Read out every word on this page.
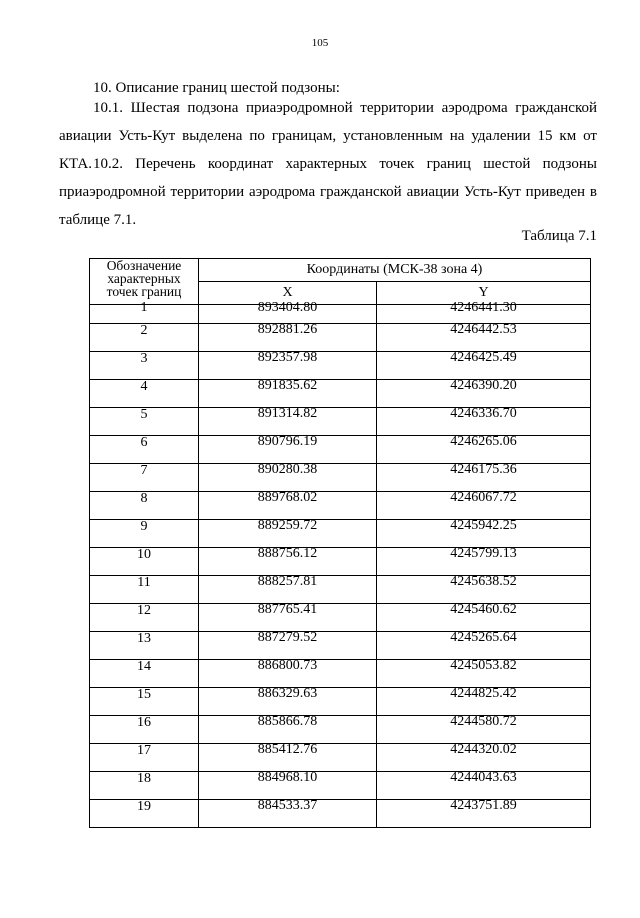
105
10. Описание границ шестой подзоны:
10.1. Шестая подзона приаэродромной территории аэродрома гражданской авиации Усть-Кут выделена по границам, установленным на удалении 15 км от КТА. 10.2. Перечень координат характерных точек границ шестой подзоны приаэродромной территории аэродрома гражданской авиации Усть-Кут приведен в таблице 7.1.
Таблица 7.1
Обозначение характерных точек границ	Координаты (МСК-38 зона 4)	
	X	Y
1	893404.80	4246441.30
2	892881.26	4246442.53
3	892357.98	4246425.49
4	891835.62	4246390.20
5	891314.82	4246336.70
6	890796.19	4246265.06
7	890280.38	4246175.36
8	889768.02	4246067.72
9	889259.72	4245942.25
10	888756.12	4245799.13
11	888257.81	4245638.52
12	887765.41	4245460.62
13	887279.52	4245265.64
14	886800.73	4245053.82
15	886329.63	4244825.42
16	885866.78	4244580.72
17	885412.76	4244320.02
18	884968.10	4244043.63
19	884533.37	4243751.89
